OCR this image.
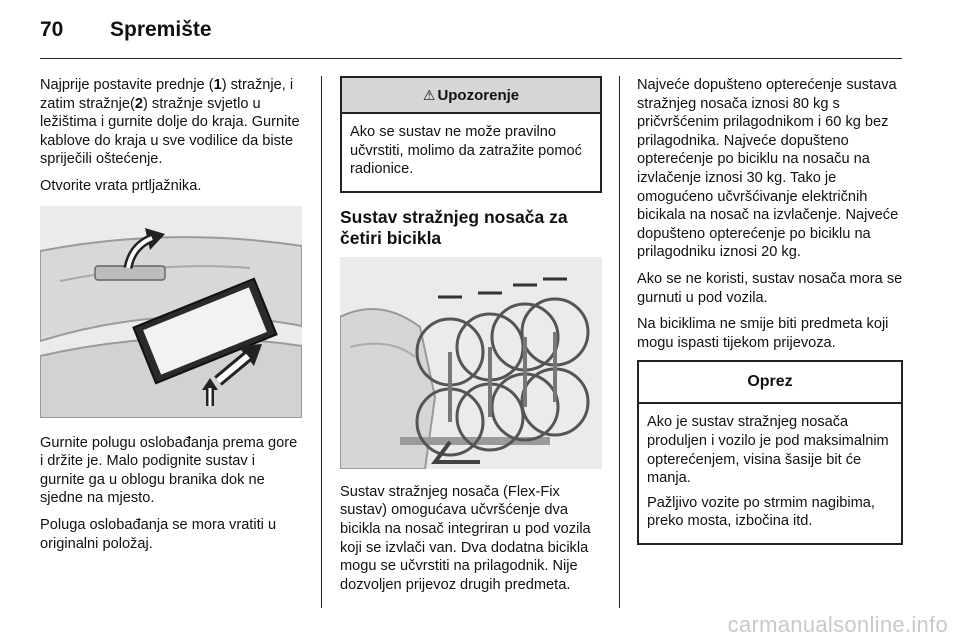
70 Spremište

Najprije postavite prednje (1) stražnje, i zatim stražnje(2) stražnje svjetlo u ležištima i gurnite dolje do kraja. Gurnite kablove do kraja u sve vodilice da biste spriječili oštećenje.

Otvorite vrata prtljažnika.

Gurnite polugu oslobađanja prema gore i držite je. Malo podignite sustav i gurnite ga u oblogu branika dok ne sjedne na mjesto.

Poluga oslobađanja se mora vratiti u originalni položaj.

⚠ Upozorenje

Ako se sustav ne može pravilno učvrstiti, molimo da zatražite pomoć radionice.

Sustav stražnjeg nosača za četiri bicikla

Sustav stražnjeg nosača (Flex-Fix sustav) omogućava učvršćenje dva bicikla na nosač integriran u pod vozila koji se izvlači van. Dva dodatna bicikla mogu se učvrstiti na prilagodnik. Nije dozvoljen prijevoz drugih predmeta.

Najveće dopušteno opterećenje sustava stražnjeg nosača iznosi 80 kg s pričvršćenim prilagodnikom i 60 kg bez prilagodnika. Najveće dopušteno opterećenje po biciklu na nosaču na izvlačenje iznosi 30 kg. Tako je omogućeno učvršćivanje električnih bicikala na nosač na izvlačenje. Najveće dopušteno opterećenje po biciklu na prilagodniku iznosi 20 kg.

Ako se ne koristi, sustav nosača mora se gurnuti u pod vozila.

Na biciklima ne smije biti predmeta koji mogu ispasti tijekom prijevoza.

Oprez

Ako je sustav stražnjeg nosača produljen i vozilo je pod maksimalnim opterećenjem, visina šasije bit će manja.

Pažljivo vozite po strmim nagibima, preko mosta, izbočina itd.

carmanualsonline.info
